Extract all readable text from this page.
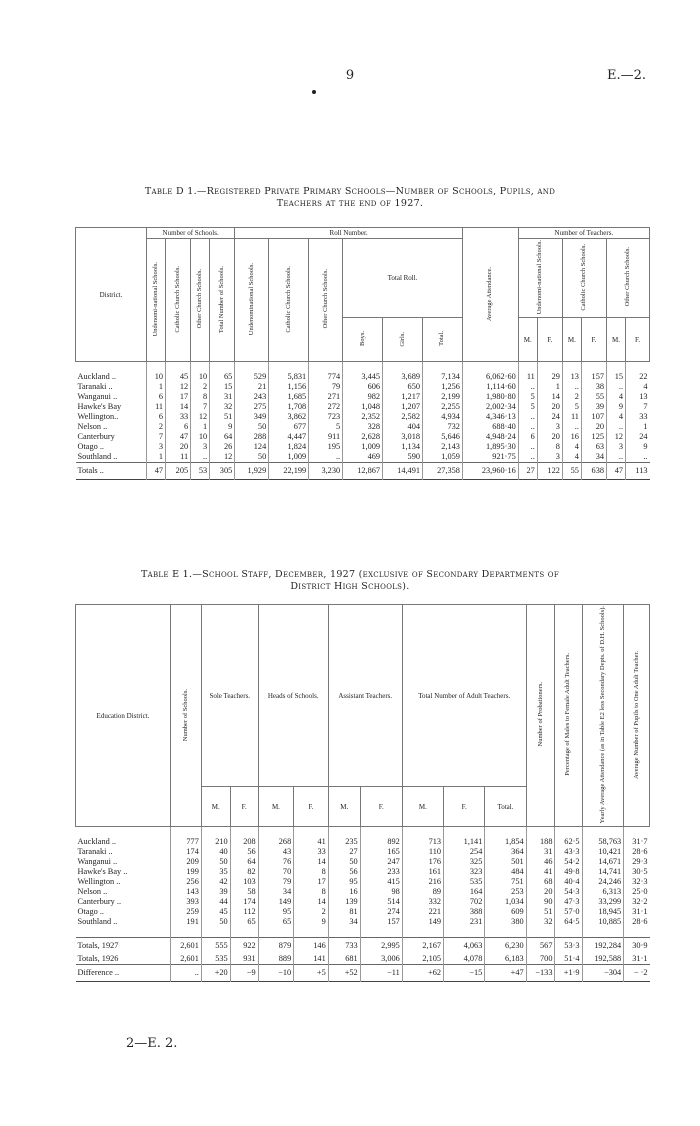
9	E.—2.
Table D 1.—Registered Private Primary Schools—Number of Schools, Pupils, and
Teachers at the end of 1927.
District.	Number of Schools.				Roll Number.						Average Attendance.	Number of Teachers.					
	Undenomi-national Schools.	Catholic Church Schools.	Other Church Schools.	Total Number of Schools.	Undenominational Schools.	Catholic Church Schools.	Other Church Schools.	Total Roll.				Undenomi-national Schools.		Catholic Church Schools.		Other Church Schools.	
								Boys.	Girls.	Total.		M.	F.	M.	F.	M.	F.

Auckland ..	10	45	10	65	529	5,831	774	3,445	3,689	7,134	6,062·60	11	29	13	157	15	22
Taranaki ..	1	12	2	15	21	1,156	79	606	650	1,256	1,114·60	..	1	..	38	..	4
Wanganui ..	6	17	8	31	243	1,685	271	982	1,217	2,199	1,980·80	5	14	2	55	4	13
Hawke's Bay	11	14	7	32	275	1,708	272	1,048	1,207	2,255	2,002·34	5	20	5	39	9	7
Wellington..	6	33	12	51	349	3,862	723	2,352	2,582	4,934	4,346·13	..	24	11	107	4	33
Nelson ..	2	6	1	9	50	677	5	328	404	732	688·40	..	3	..	20	..	1
Canterbury	7	47	10	64	288	4,447	911	2,628	3,018	5,646	4,948·24	6	20	16	125	12	24
Otago ..	3	20	3	26	124	1,824	195	1,009	1,134	2,143	1,895·30	..	8	4	63	3	9
Southland ..	1	11	..	12	50	1,009	..	469	590	1,059	921·75	..	3	4	34	..	..
Totals ..	47	205	53	305	1,929	22,199	3,230	12,867	14,491	27,358	23,960·16	27	122	55	638	47	113
Table E 1.—School Staff, December, 1927 (exclusive of Secondary Departments of
District High Schools).
Education District.	Number of Schools.	Sole Teachers.		Heads of Schools.		Assistant Teachers.		Total Number of Adult Teachers.			Number of Probationers.	Percentage of Males to Female Adult Teachers.	Yearly Average Attendance (as in Table E2 less Secondary Depts. of D.H. Schools).	Average Number of Pupils to One Adult Teacher.
		M.	F.	M.	F.	M.	F.	M.	F.	Total.				

Auckland ..	777	210	208	268	41	235	892	713	1,141	1,854	188	62·5	58,763	31·7
Taranaki ..	174	40	56	43	33	27	165	110	254	364	31	43·3	10,421	28·6
Wanganui ..	209	50	64	76	14	50	247	176	325	501	46	54·2	14,671	29·3
Hawke's Bay ..	199	35	82	70	8	56	233	161	323	484	41	49·8	14,741	30·5
Wellington ..	256	42	103	79	17	95	415	216	535	751	68	40·4	24,246	32·3
Nelson ..	143	39	58	34	8	16	98	89	164	253	20	54·3	6,313	25·0
Canterbury ..	393	44	174	149	14	139	514	332	702	1,034	90	47·3	33,299	32·2
Otago ..	259	45	112	95	2	81	274	221	388	609	51	57·0	18,945	31·1
Southland ..	191	50	65	65	9	34	157	149	231	380	32	64·5	10,885	28·6

Totals, 1927	2,601	555	922	879	146	733	2,995	2,167	4,063	6,230	567	53·3	192,284	30·9
Totals, 1926	2,601	535	931	889	141	681	3,006	2,105	4,078	6,183	700	51·4	192,588	31·1
Difference ..	..	+20	−9	−10	+5	+52	−11	+62	−15	+47	−133	+1·9	−304	− ·2
2—E. 2.
